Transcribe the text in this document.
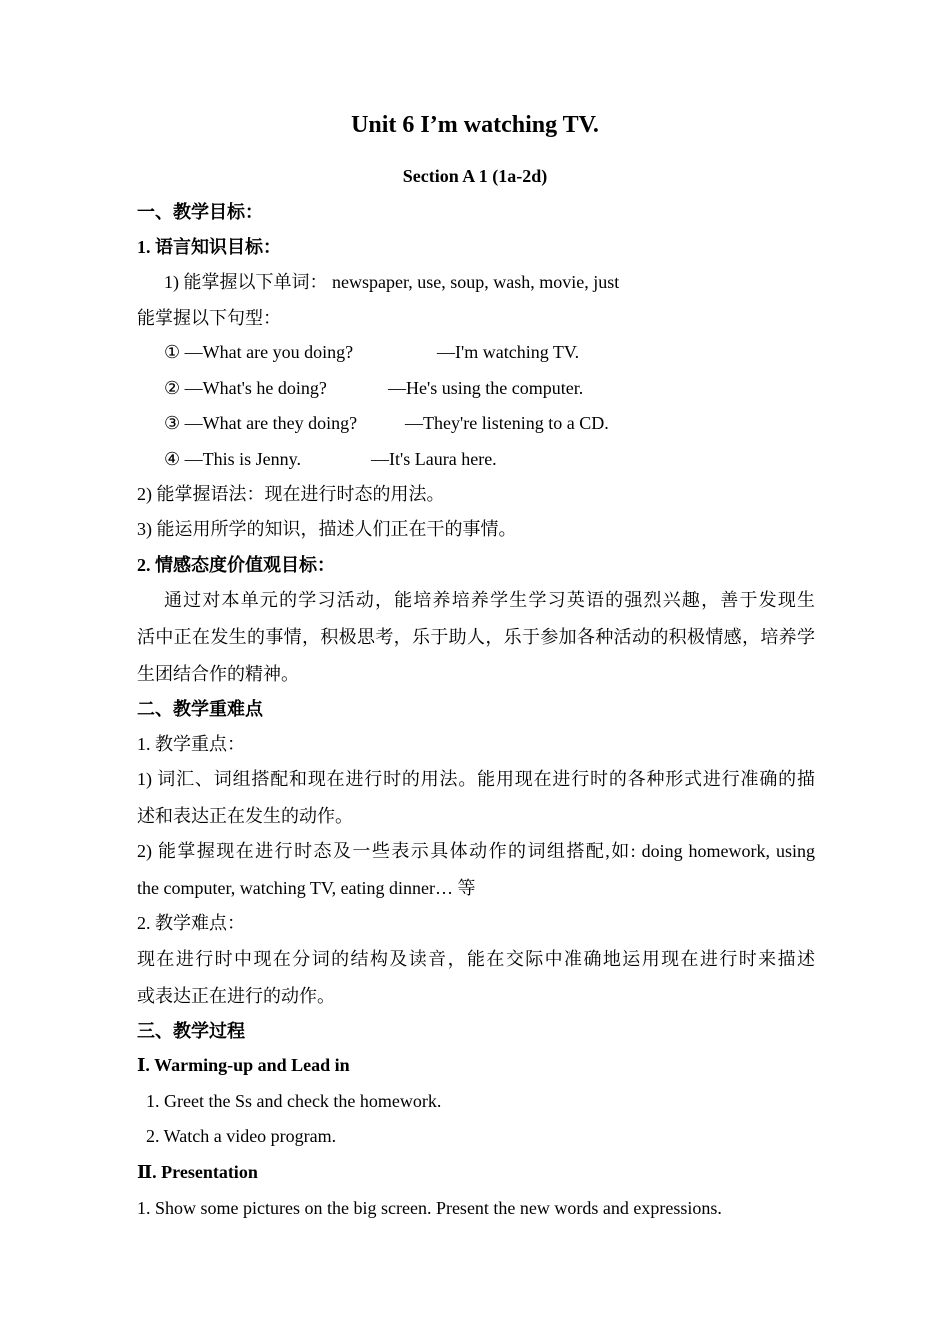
Unit 6 I’m watching TV.
Section A 1 (1a-2d)
一、教学目标：
1. 语言知识目标：
1) 能掌握以下单词： newspaper, use, soup, wash, movie, just
能掌握以下句型：
① —What are you doing?	—I'm watching TV.
② —What's he doing?	—He's using the computer.
③ —What are they doing?	—They're listening to a CD.
④ —This is Jenny.	—It's Laura here.
2) 能掌握语法：现在进行时态的用法。
3) 能运用所学的知识，描述人们正在干的事情。
2. 情感态度价值观目标：
通过对本单元的学习活动，能培养培养学生学习英语的强烈兴趣，善于发现生
活中正在发生的事情，积极思考，乐于助人，乐于参加各种活动的积极情感，培养学
生团结合作的精神。
二、教学重难点
1. 教学重点：
1) 词汇、词组搭配和现在进行时的用法。能用现在进行时的各种形式进行准确的描
述和表达正在发生的动作。
2) 能掌握现在进行时态及一些表示具体动作的词组搭配,如: doing homework, using
the computer, watching TV, eating dinner… 等
2. 教学难点：
现在进行时中现在分词的结构及读音，能在交际中准确地运用现在进行时来描述
或表达正在进行的动作。
三、教学过程
Ⅰ. Warming-up and Lead in
1. Greet the Ss and check the homework.
2. Watch a video program.
Ⅱ. Presentation
1. Show some pictures on the big screen. Present the new words and expressions.
